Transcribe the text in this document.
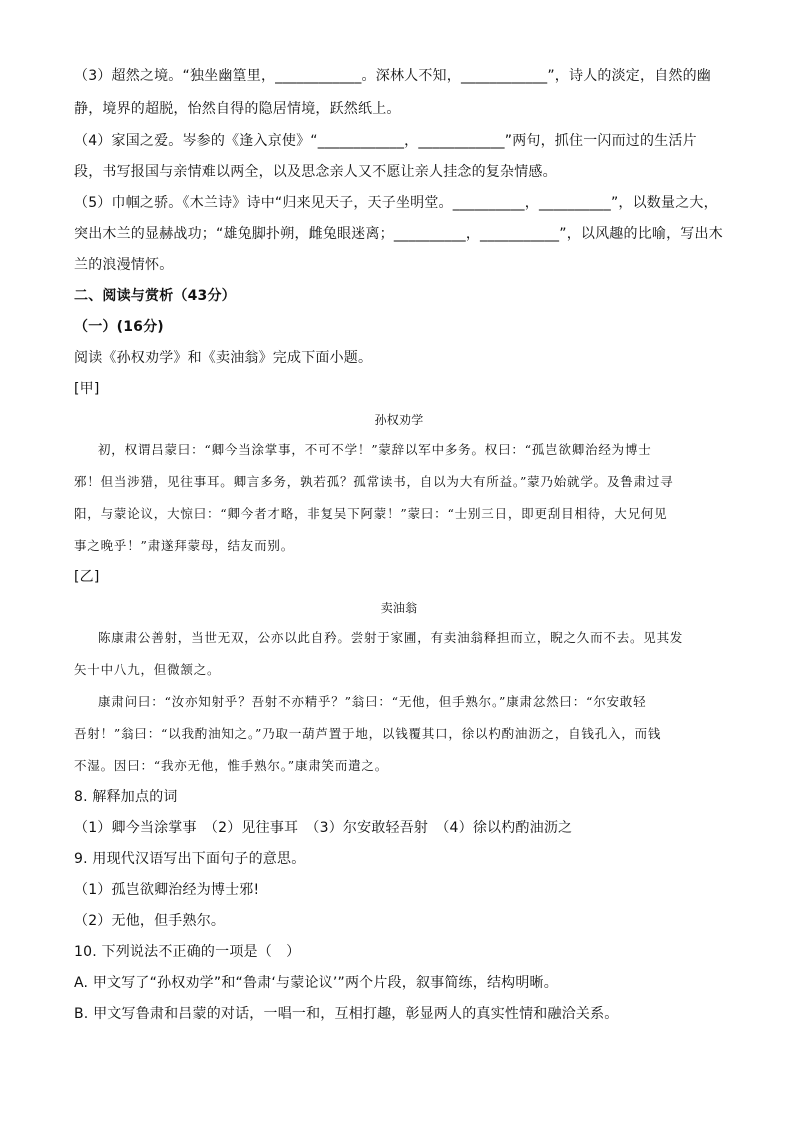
（3）超然之境。“独坐幽篁里，____________。深林人不知，____________”，诗人的淡定，自然的幽
静，境界的超脱，怡然自得的隐居情境，跃然纸上。
（4）家国之爱。岑参的《逢入京使》“____________，____________”两句，抓住一闪而过的生活片
段，书写报国与亲情难以两全，以及思念亲人又不愿让亲人挂念的复杂情感。
（5）巾帼之骄。《木兰诗》诗中“归来见天子，天子坐明堂。__________，__________”，以数量之大，
突出木兰的显赫战功；“雄兔脚扑朔，雌兔眼迷离；__________，___________”，以风趣的比喻，写出木
兰的浪漫情怀。
二、阅读与赏析（43分）
（一）(16分)
阅读《孙权劝学》和《卖油翁》完成下面小题。
[甲]
孙权劝学
初，权谓吕蒙曰：“卿今当涂掌事，不可不学！”蒙辞以军中多务。权曰：“孤岂欲卿治经为博士
邪！但当涉猎，见往事耳。卿言多务，孰若孤？孤常读书，自以为大有所益。”蒙乃始就学。及鲁肃过寻
阳，与蒙论议，大惊曰：“卿今者才略，非复吴下阿蒙！”蒙曰：“士别三日，即更刮目相待，大兄何见
事之晚乎！”肃遂拜蒙母，结友而别。
[乙]
卖油翁
陈康肃公善射，当世无双，公亦以此自矜。尝射于家圃，有卖油翁释担而立，睨之久而不去。见其发
矢十中八九，但微颔之。
康肃问曰：“汝亦知射乎？吾射不亦精乎？”翁曰：“无他，但手熟尔。”康肃忿然曰：“尔安敢轻
吾射！”翁曰：“以我酌油知之。”乃取一葫芦置于地，以钱覆其口，徐以杓酌油沥之，自钱孔入，而钱
不湿。因曰：“我亦无他，惟手熟尔。”康肃笑而遣之。
8. 解释加点的词
（1）卿今当涂掌事　（2）见往事耳　（3）尔安敢轻吾射　（4）徐以杓酌油沥之
9. 用现代汉语写出下面句子的意思。
（1）孤岂欲卿治经为博士邪!
（2）无他，但手熟尔。
10. 下列说法不正确的一项是（　）
A. 甲文写了“孙权劝学”和“鲁肃‘与蒙论议’”两个片段，叙事简练，结构明晰。
B. 甲文写鲁肃和吕蒙的对话，一唱一和，互相打趣，彰显两人的真实性情和融洽关系。
